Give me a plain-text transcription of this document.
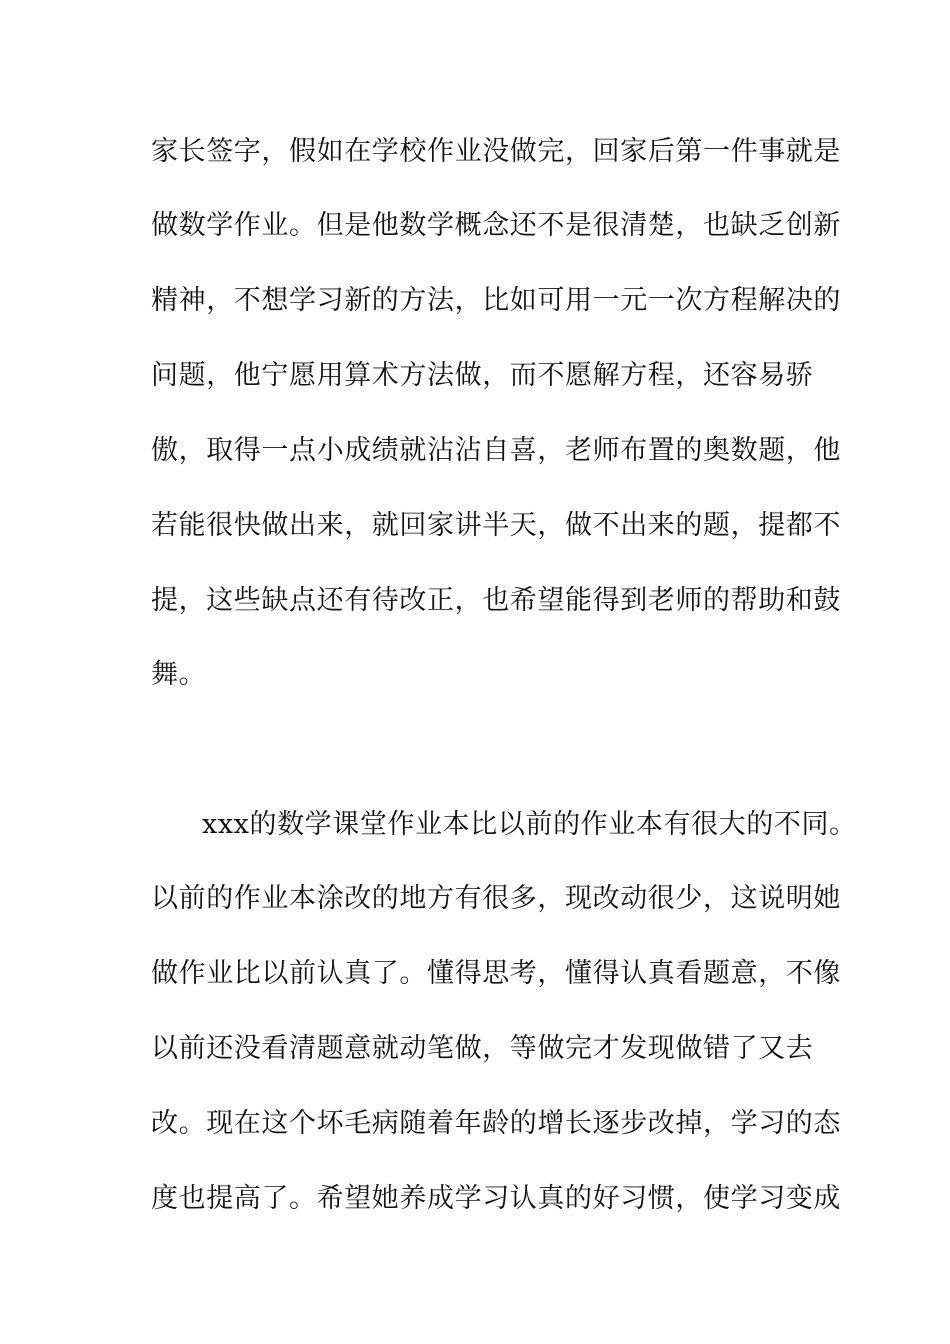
家长签字，假如在学校作业没做完，回家后第一件事就是
做数学作业。但是他数学概念还不是很清楚，也缺乏创新
精神，不想学习新的方法，比如可用一元一次方程解决的
问题，他宁愿用算术方法做，而不愿解方程，还容易骄
傲，取得一点小成绩就沾沾自喜，老师布置的奥数题，他
若能很快做出来，就回家讲半天，做不出来的题，提都不
提，这些缺点还有待改正，也希望能得到老师的帮助和鼓
舞。
xxx的数学课堂作业本比以前的作业本有很大的不同。
以前的作业本涂改的地方有很多，现改动很少，这说明她
做作业比以前认真了。懂得思考，懂得认真看题意，不像
以前还没看清题意就动笔做，等做完才发现做错了又去
改。现在这个坏毛病随着年龄的增长逐步改掉，学习的态
度也提高了。希望她养成学习认真的好习惯，使学习变成
